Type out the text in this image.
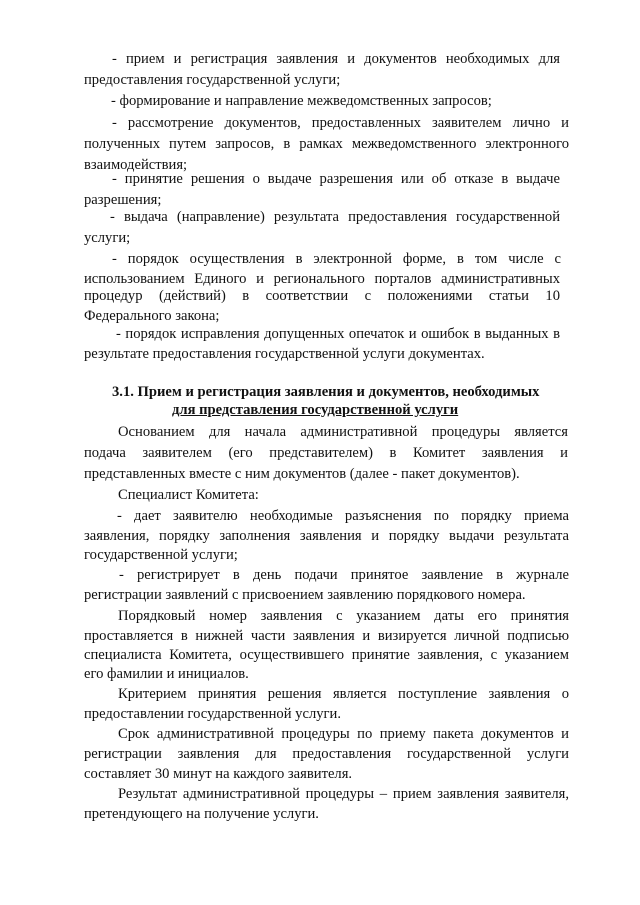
- прием и регистрация заявления и документов необходимых для
предоставления государственной услуги;
- формирование и направление межведомственных запросов;
- рассмотрение документов, предоставленных заявителем лично и
полученных путем запросов, в рамках межведомственного электронного
взаимодействия;
- принятие решения о выдаче разрешения или об отказе в выдаче
разрешения;
- выдача (направление) результата предоставления государственной
услуги;
- порядок осуществления в электронной форме, в том числе с
использованием Единого и регионального порталов административных
процедур (действий) в соответствии с положениями статьи 10
Федерального закона;
- порядок исправления допущенных опечаток и ошибок в выданных в
результате предоставления государственной услуги документах.
3.1. Прием и регистрация заявления и документов, необходимых
для представления государственной услуги
Основанием для начала административной процедуры является
подача заявителем (его представителем) в Комитет заявления и
представленных вместе с ним документов (далее - пакет документов).
Специалист Комитета:
- дает заявителю необходимые разъяснения по порядку приема
заявления, порядку заполнения заявления и порядку выдачи результата
государственной услуги;
- регистрирует в день подачи принятое заявление в журнале
регистрации заявлений с присвоением заявлению порядкового номера.
Порядковый номер заявления с указанием даты его принятия
проставляется в нижней части заявления и визируется личной подписью
специалиста Комитета, осуществившего принятие заявления, с указанием
его фамилии и инициалов.
Критерием принятия решения является поступление заявления о
предоставлении государственной услуги.
Срок административной процедуры по приему пакета документов и
регистрации заявления для предоставления государственной услуги
составляет 30 минут на каждого заявителя.
Результат административной процедуры – прием заявления заявителя,
претендующего на получение услуги.
